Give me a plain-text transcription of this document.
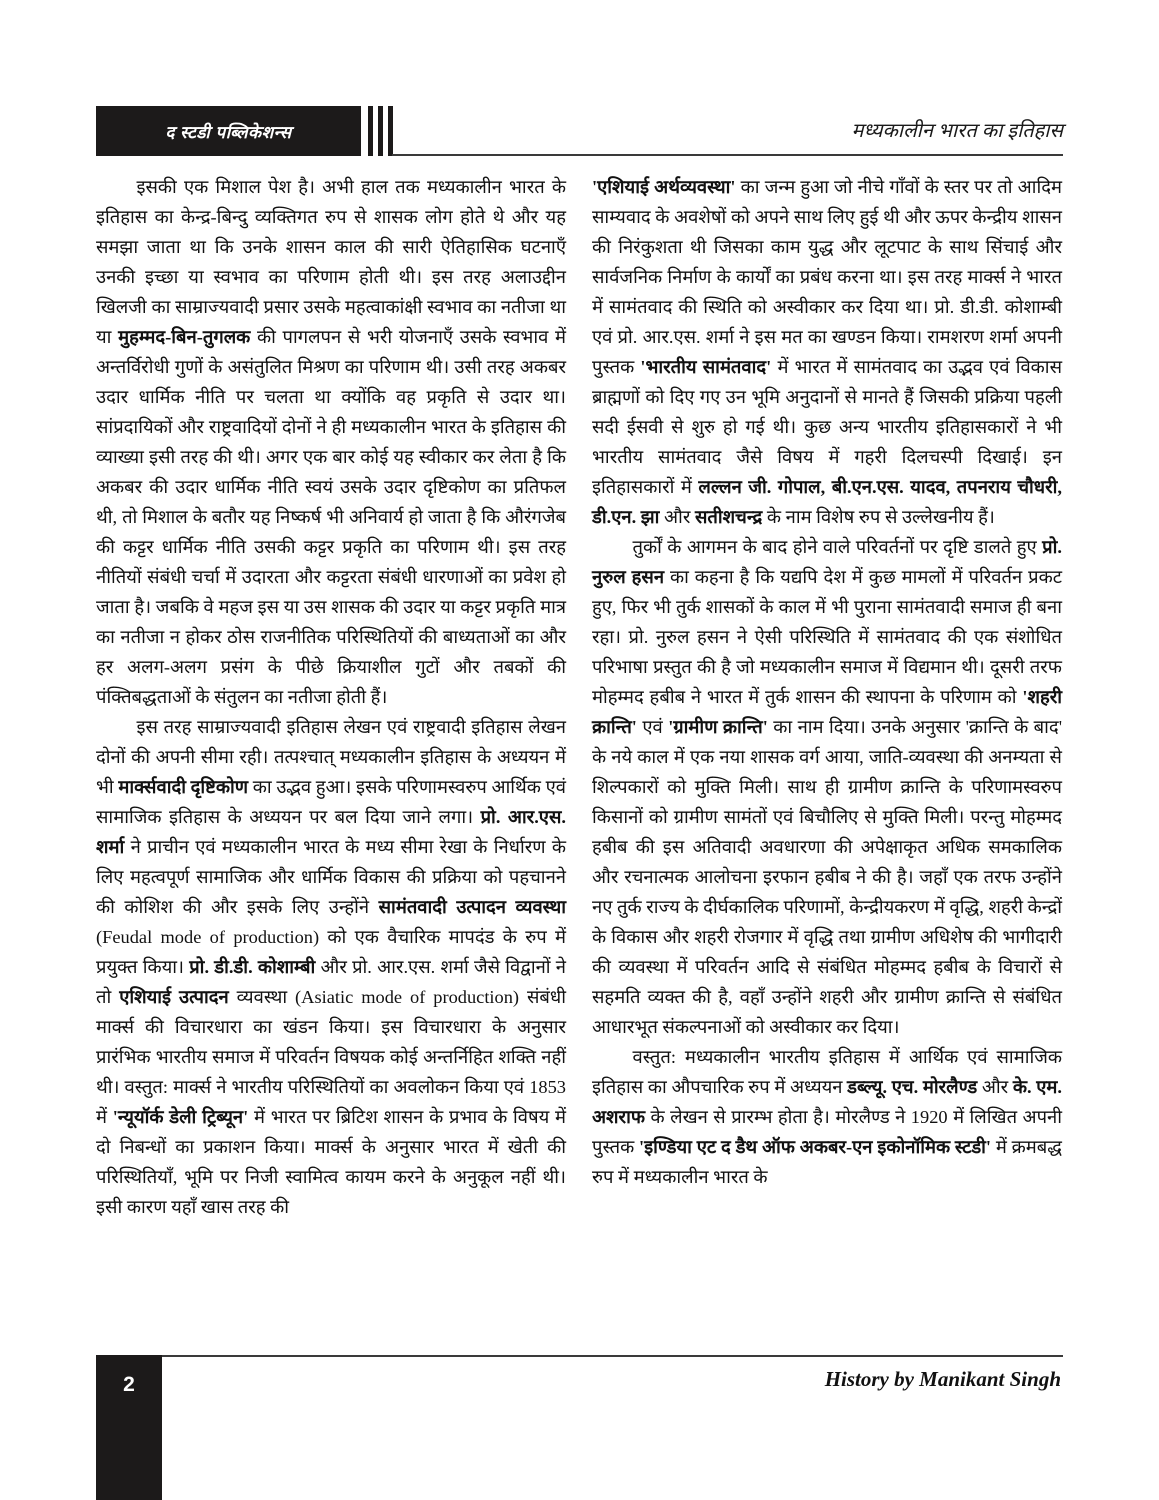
द स्टडी पब्लिकेशन्स	मध्यकालीन भारत का इतिहास

इसकी एक मिशाल पेश है। अभी हाल तक मध्यकालीन भारत के इतिहास का केन्द्र-बिन्दु व्यक्तिगत रुप से शासक लोग होते थे और यह समझा जाता था कि उनके शासन काल की सारी ऐतिहासिक घटनाएँ उनकी इच्छा या स्वभाव का परिणाम होती थी। इस तरह अलाउद्दीन खिलजी का साम्राज्यवादी प्रसार उसके महत्वाकांक्षी स्वभाव का नतीजा था या मुहम्मद-बिन-तुगलक की पागलपन से भरी योजनाएँ उसके स्वभाव में अन्तर्विरोधी गुणों के असंतुलित मिश्रण का परिणाम थी। उसी तरह अकबर उदार धार्मिक नीति पर चलता था क्योंकि वह प्रकृति से उदार था। सांप्रदायिकों और राष्ट्रवादियों दोनों ने ही मध्यकालीन भारत के इतिहास की व्याख्या इसी तरह की थी। अगर एक बार कोई यह स्वीकार कर लेता है कि अकबर की उदार धार्मिक नीति स्वयं उसके उदार दृष्टिकोण का प्रतिफल थी, तो मिशाल के बतौर यह निष्कर्ष भी अनिवार्य हो जाता है कि औरंगजेब की कट्टर धार्मिक नीति उसकी कट्टर प्रकृति का परिणाम थी। इस तरह नीतियों संबंधी चर्चा में उदारता और कट्टरता संबंधी धारणाओं का प्रवेश हो जाता है। जबकि वे महज इस या उस शासक की उदार या कट्टर प्रकृति मात्र का नतीजा न होकर ठोस राजनीतिक परिस्थितियों की बाध्यताओं का और हर अलग-अलग प्रसंग के पीछे क्रियाशील गुटों और तबकों की पंक्तिबद्धताओं के संतुलन का नतीजा होती हैं।

इस तरह साम्राज्यवादी इतिहास लेखन एवं राष्ट्रवादी इतिहास लेखन दोनों की अपनी सीमा रही। तत्पश्चात् मध्यकालीन इतिहास के अध्ययन में भी मार्क्सवादी दृष्टिकोण का उद्भव हुआ। इसके परिणामस्वरुप आर्थिक एवं सामाजिक इतिहास के अध्ययन पर बल दिया जाने लगा। प्रो. आर.एस. शर्मा ने प्राचीन एवं मध्यकालीन भारत के मध्य सीमा रेखा के निर्धारण के लिए महत्वपूर्ण सामाजिक और धार्मिक विकास की प्रक्रिया को पहचानने की कोशिश की और इसके लिए उन्होंने सामंतवादी उत्पादन व्यवस्था (Feudal mode of production) को एक वैचारिक मापदंड के रुप में प्रयुक्त किया। प्रो. डी.डी. कोशाम्बी और प्रो. आर.एस. शर्मा जैसे विद्वानों ने तो एशियाई उत्पादन व्यवस्था (Asiatic mode of production) संबंधी मार्क्स की विचारधारा का खंडन किया। इस विचारधारा के अनुसार प्रारंभिक भारतीय समाज में परिवर्तन विषयक कोई अन्तर्निहित शक्ति नहीं थी। वस्तुत: मार्क्स ने भारतीय परिस्थितियों का अवलोकन किया एवं 1853 में 'न्यूयॉर्क डेली ट्रिब्यून' में भारत पर ब्रिटिश शासन के प्रभाव के विषय में दो निबन्धों का प्रकाशन किया। मार्क्स के अनुसार भारत में खेती की परिस्थितियाँ, भूमि पर निजी स्वामित्व कायम करने के अनुकूल नहीं थी। इसी कारण यहाँ खास तरह की

'एशियाई अर्थव्यवस्था' का जन्म हुआ जो नीचे गाँवों के स्तर पर तो आदिम साम्यवाद के अवशेषों को अपने साथ लिए हुई थी और ऊपर केन्द्रीय शासन की निरंकुशता थी जिसका काम युद्ध और लूटपाट के साथ सिंचाई और सार्वजनिक निर्माण के कार्यों का प्रबंध करना था। इस तरह मार्क्स ने भारत में सामंतवाद की स्थिति को अस्वीकार कर दिया था। प्रो. डी.डी. कोशाम्बी एवं प्रो. आर.एस. शर्मा ने इस मत का खण्डन किया। रामशरण शर्मा अपनी पुस्तक 'भारतीय सामंतवाद' में भारत में सामंतवाद का उद्भव एवं विकास ब्राह्मणों को दिए गए उन भूमि अनुदानों से मानते हैं जिसकी प्रक्रिया पहली सदी ईसवी से शुरु हो गई थी। कुछ अन्य भारतीय इतिहासकारों ने भी भारतीय सामंतवाद जैसे विषय में गहरी दिलचस्पी दिखाई। इन इतिहासकारों में लल्लन जी. गोपाल, बी.एन.एस. यादव, तपनराय चौधरी, डी.एन. झा और सतीशचन्द्र के नाम विशेष रुप से उल्लेखनीय हैं।

तुर्कों के आगमन के बाद होने वाले परिवर्तनों पर दृष्टि डालते हुए प्रो. नुरुल हसन का कहना है कि यद्यपि देश में कुछ मामलों में परिवर्तन प्रकट हुए, फिर भी तुर्क शासकों के काल में भी पुराना सामंतवादी समाज ही बना रहा। प्रो. नुरुल हसन ने ऐसी परिस्थिति में सामंतवाद की एक संशोधित परिभाषा प्रस्तुत की है जो मध्यकालीन समाज में विद्यमान थी। दूसरी तरफ मोहम्मद हबीब ने भारत में तुर्क शासन की स्थापना के परिणाम को 'शहरी क्रान्ति' एवं 'ग्रामीण क्रान्ति' का नाम दिया। उनके अनुसार 'क्रान्ति के बाद' के नये काल में एक नया शासक वर्ग आया, जाति-व्यवस्था की अनम्यता से शिल्पकारों को मुक्ति मिली। साथ ही ग्रामीण क्रान्ति के परिणामस्वरुप किसानों को ग्रामीण सामंतों एवं बिचौलिए से मुक्ति मिली। परन्तु मोहम्मद हबीब की इस अतिवादी अवधारणा की अपेक्षाकृत अधिक समकालिक और रचनात्मक आलोचना इरफान हबीब ने की है। जहाँ एक तरफ उन्होंने नए तुर्क राज्य के दीर्घकालिक परिणामों, केन्द्रीयकरण में वृद्धि, शहरी केन्द्रों के विकास और शहरी रोजगार में वृद्धि तथा ग्रामीण अधिशेष की भागीदारी की व्यवस्था में परिवर्तन आदि से संबंधित मोहम्मद हबीब के विचारों से सहमति व्यक्त की है, वहाँ उन्होंने शहरी और ग्रामीण क्रान्ति से संबंधित आधारभूत संकल्पनाओं को अस्वीकार कर दिया।

वस्तुत: मध्यकालीन भारतीय इतिहास में आर्थिक एवं सामाजिक इतिहास का औपचारिक रुप में अध्ययन डब्ल्यू. एच. मोरलैण्ड और के. एम. अशराफ के लेखन से प्रारम्भ होता है। मोरलैण्ड ने 1920 में लिखित अपनी पुस्तक 'इण्डिया एट द डैथ ऑफ अकबर-एन इकोनॉमिक स्टडी' में क्रमबद्ध रुप में मध्यकालीन भारत के

2	History by Manikant Singh
